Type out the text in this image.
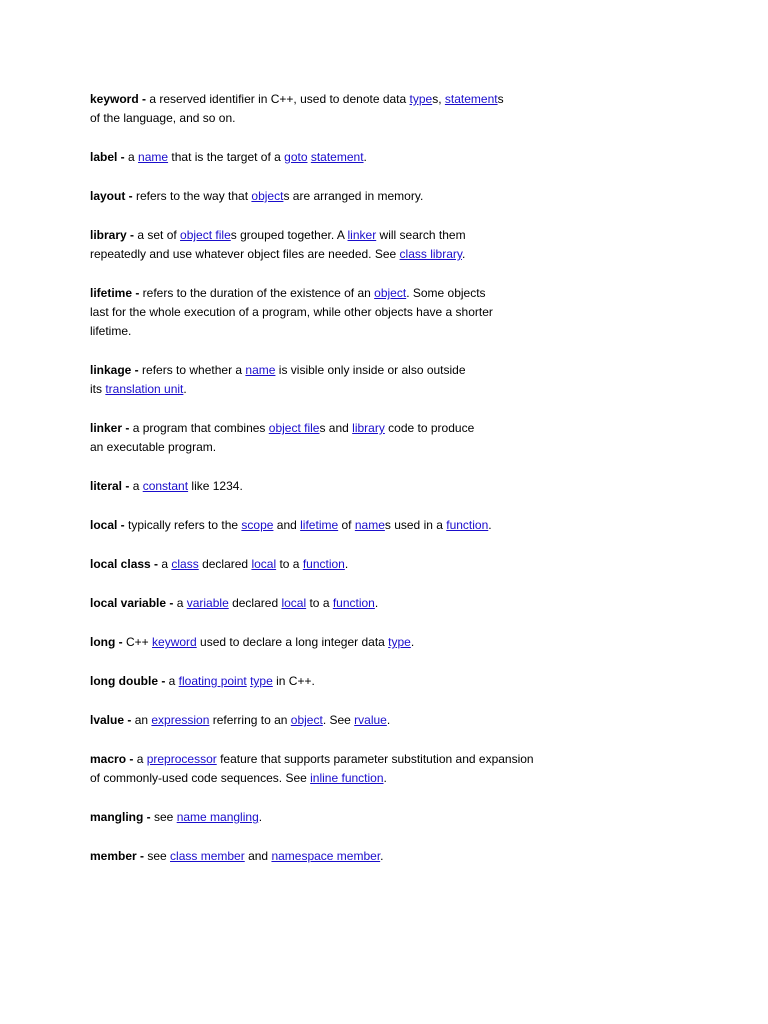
keyword - a reserved identifier in C++, used to denote data types, statements
of the language, and so on.
label - a name that is the target of a goto statement.
layout - refers to the way that objects are arranged in memory.
library - a set of object files grouped together. A linker will search them
repeatedly and use whatever object files are needed. See class library.
lifetime - refers to the duration of the existence of an object. Some objects
last for the whole execution of a program, while other objects have a shorter
lifetime.
linkage - refers to whether a name is visible only inside or also outside
its translation unit.
linker - a program that combines object files and library code to produce
an executable program.
literal - a constant like 1234.
local - typically refers to the scope and lifetime of names used in a function.
local class - a class declared local to a function.
local variable - a variable declared local to a function.
long - C++ keyword used to declare a long integer data type.
long double - a floating point type in C++.
lvalue - an expression referring to an object. See rvalue.
macro - a preprocessor feature that supports parameter substitution and expansion
of commonly-used code sequences. See inline function.
mangling - see name mangling.
member - see class member and namespace member.
